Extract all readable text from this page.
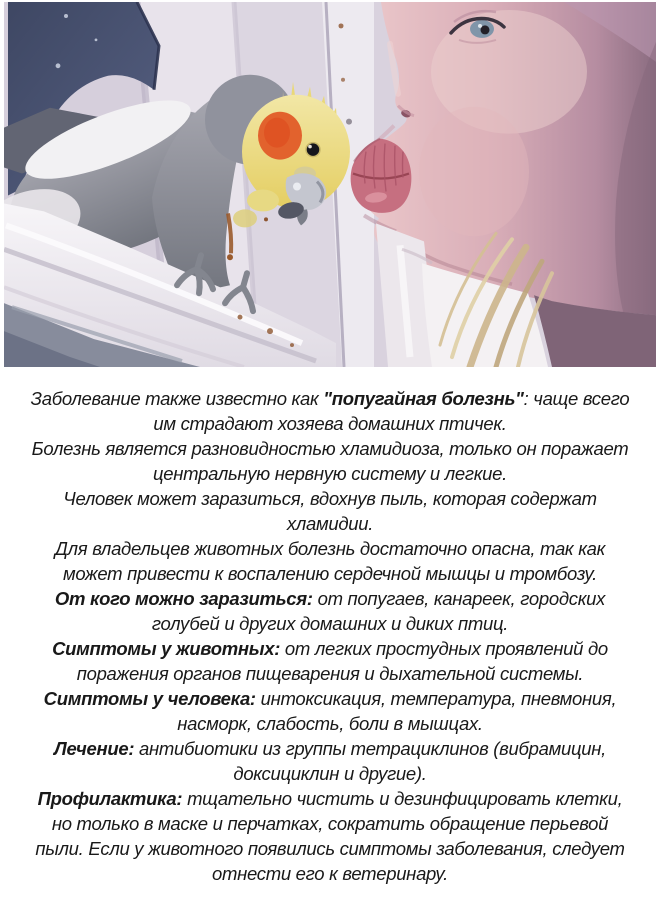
Заболевание также известно как "попугайная болезнь": чаще всего им страдают хозяева домашних птичек.

Болезнь является разновидностью хламидиоза, только он поражает центральную нервную систему и легкие.

Человек может заразиться, вдохнув пыль, которая содержат хламидии.

Для владельцев животных болезнь достаточно опасна, так как может привести к воспалению сердечной мышцы и тромбозу.

От кого можно заразиться: от попугаев, канареек, городских голубей и других домашних и диких птиц.

Симптомы у животных: от легких простудных проявлений до поражения органов пищеварения и дыхательной системы.

Симптомы у человека: интоксикация, температура, пневмония, насморк, слабость, боли в мышцах.

Лечение: антибиотики из группы тетрациклинов (вибрамицин, доксициклин и другие).

Профилактика: тщательно чистить и дезинфицировать клетки, но только в маске и перчатках, сократить обращение перьевой пыли. Если у животного появились симптомы заболевания, следует отнести его к ветеринару.
